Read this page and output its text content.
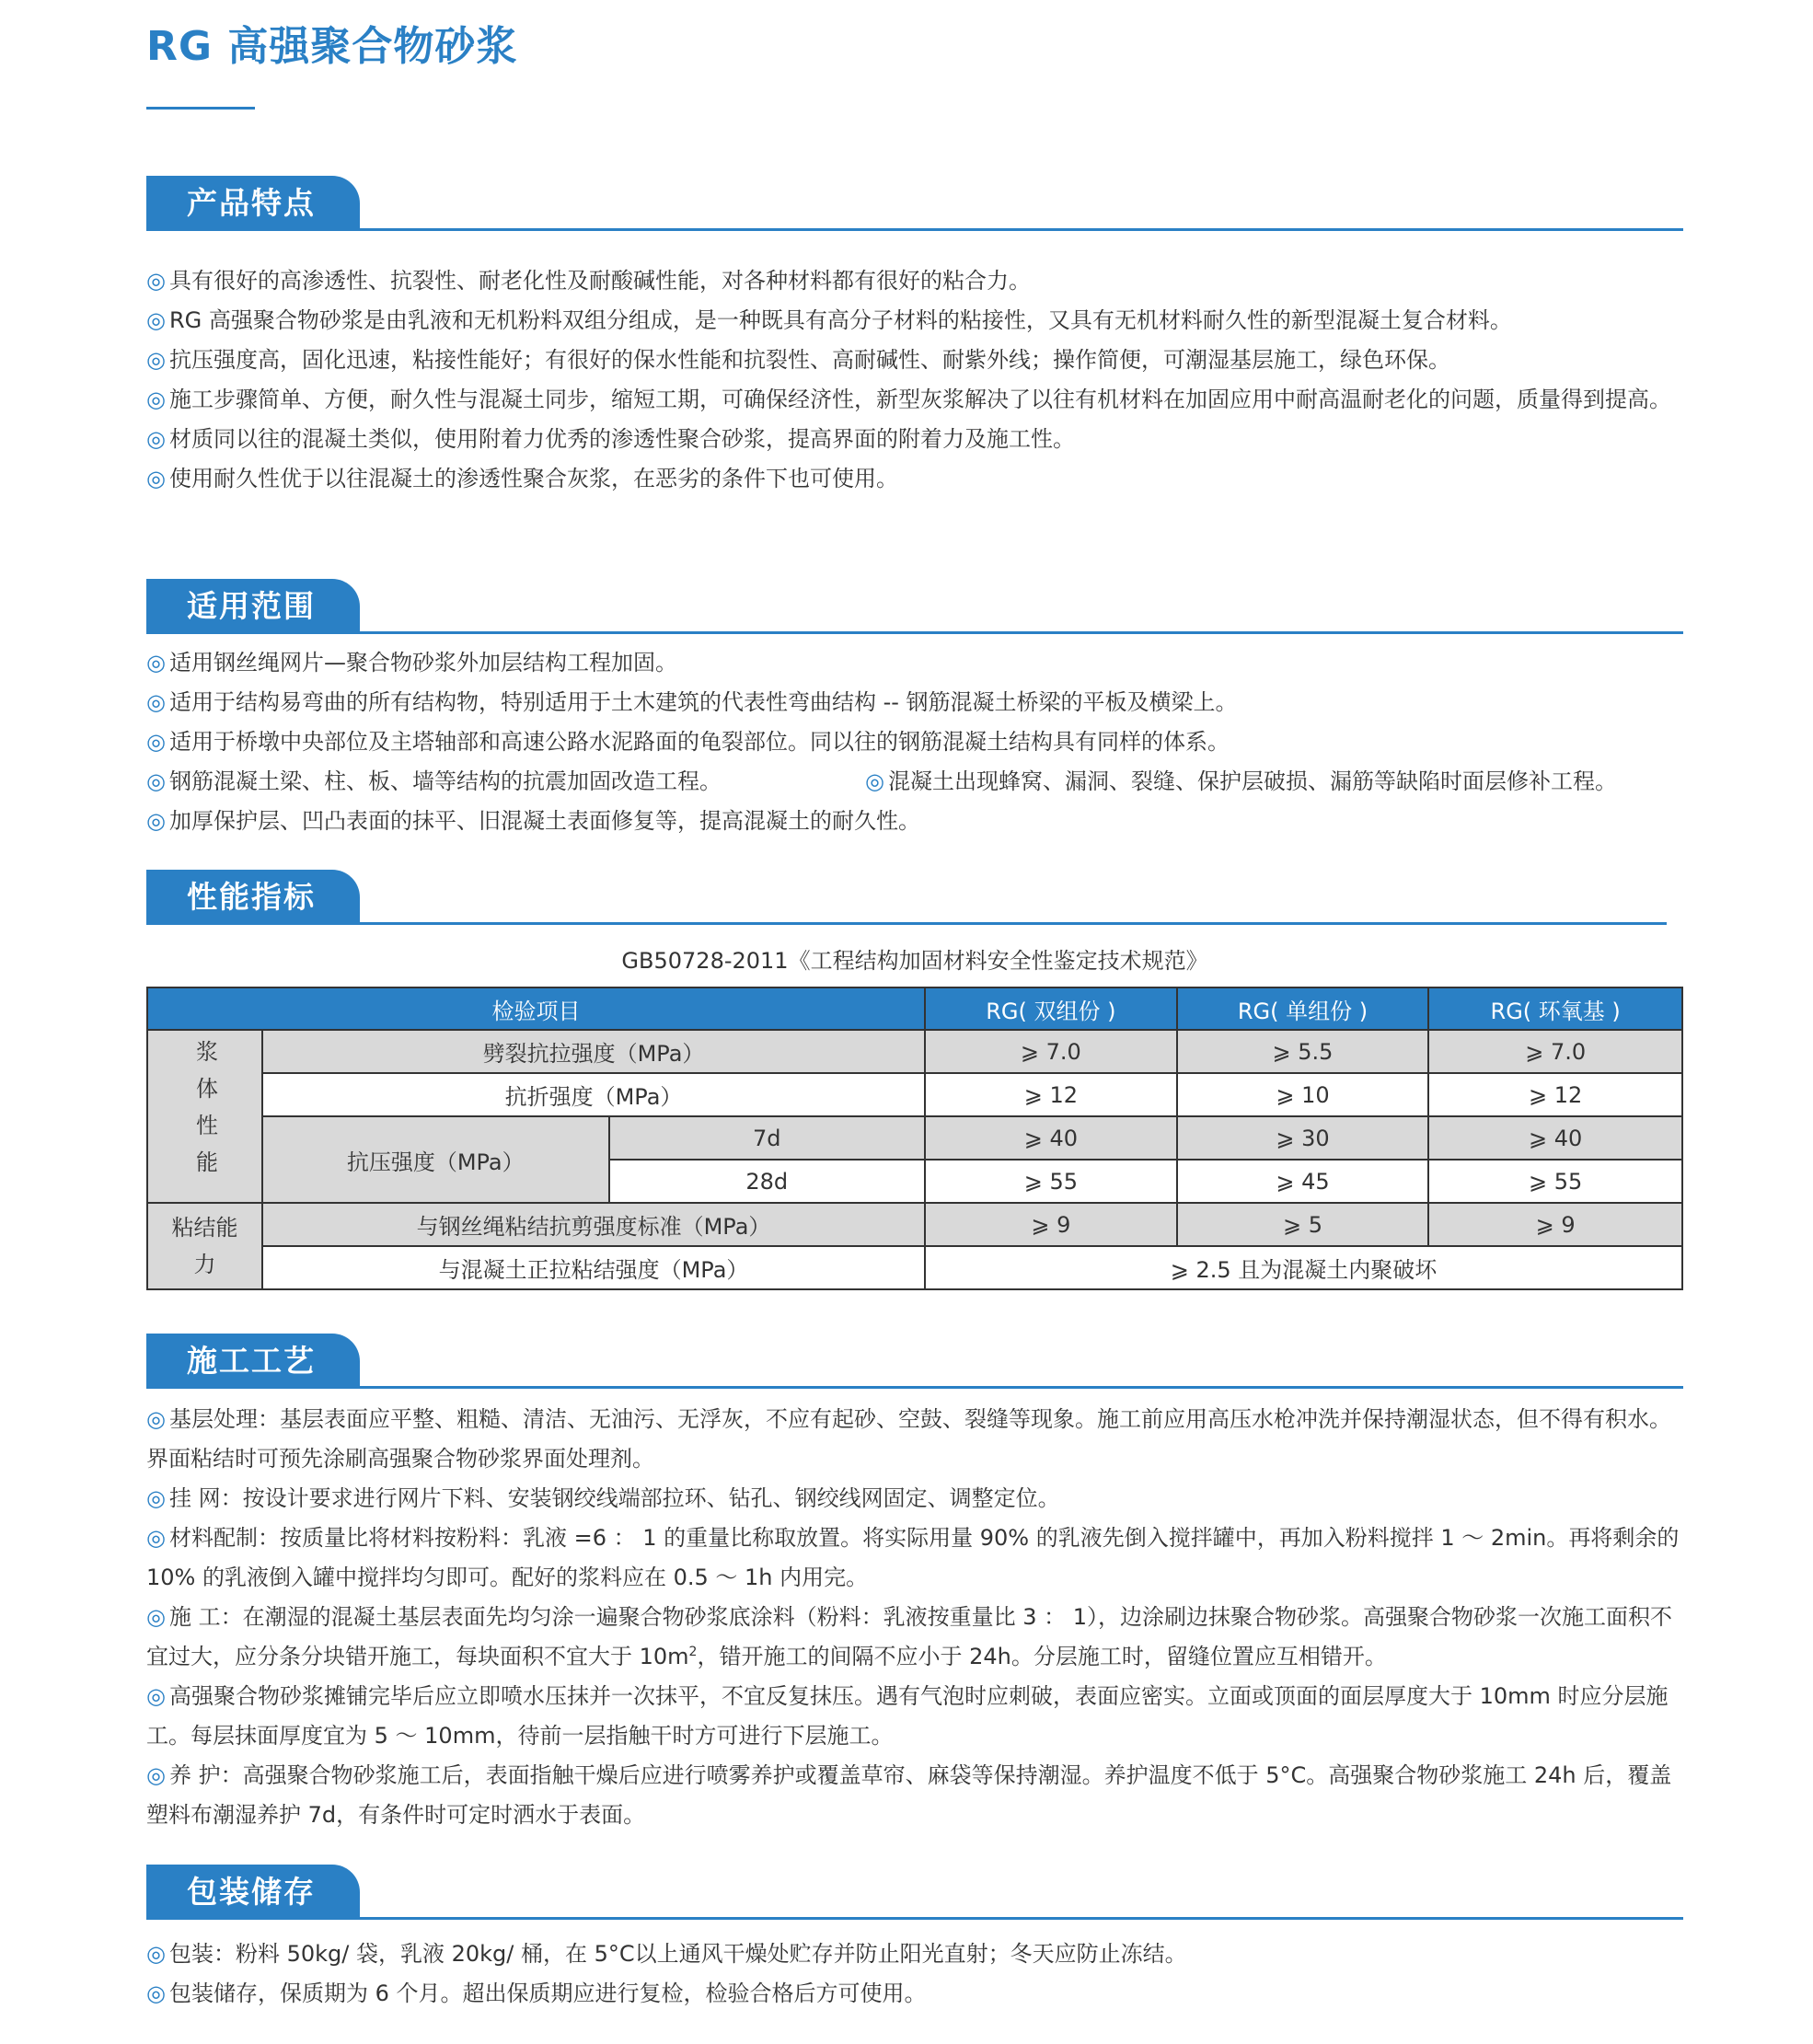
RG 高强聚合物砂浆
产品特点
◎ 具有很好的高渗透性、抗裂性、耐老化性及耐酸碱性能，对各种材料都有很好的粘合力。
◎ RG 高强聚合物砂浆是由乳液和无机粉料双组分组成，是一种既具有高分子材料的粘接性，又具有无机材料耐久性的新型混凝土复合材料。
◎ 抗压强度高，固化迅速，粘接性能好；有很好的保水性能和抗裂性、高耐碱性、耐紫外线；操作简便，可潮湿基层施工，绿色环保。
◎ 施工步骤简单、方便，耐久性与混凝土同步，缩短工期，可确保经济性，新型灰浆解决了以往有机材料在加固应用中耐高温耐老化的问题，质量得到提高。
◎ 材质同以往的混凝土类似，使用附着力优秀的渗透性聚合砂浆，提高界面的附着力及施工性。
◎ 使用耐久性优于以往混凝土的渗透性聚合灰浆，在恶劣的条件下也可使用。
适用范围
◎ 适用钢丝绳网片—聚合物砂浆外加层结构工程加固。
◎ 适用于结构易弯曲的所有结构物，特别适用于土木建筑的代表性弯曲结构 -- 钢筋混凝土桥梁的平板及横梁上。
◎ 适用于桥墩中央部位及主塔轴部和高速公路水泥路面的龟裂部位。同以往的钢筋混凝土结构具有同样的体系。
◎ 钢筋混凝土梁、柱、板、墙等结构的抗震加固改造工程。	◎ 混凝土出现蜂窝、漏洞、裂缝、保护层破损、漏筋等缺陷时面层修补工程。
◎ 加厚保护层、凹凸表面的抹平、旧混凝土表面修复等，提高混凝土的耐久性。
性能指标
GB50728-2011《工程结构加固材料安全性鉴定技术规范》
检验项目			RG( 双组份 )	RG( 单组份 )	RG( 环氧基 )
浆体性能	劈裂抗拉强度（MPa）		⩾ 7.0	⩾ 5.5	⩾ 7.0
	抗折强度（MPa）		⩾ 12	⩾ 10	⩾ 12
	抗压强度（MPa）	7d	⩾ 40	⩾ 30	⩾ 40
		28d	⩾ 55	⩾ 45	⩾ 55

粘结能
力	与钢丝绳粘结抗剪强度标准（MPa）		⩾ 9	⩾ 5	⩾ 9
	与混凝土正拉粘结强度（MPa）		⩾ 2.5 且为混凝土内聚破坏		
施工工艺
◎ 基层处理：基层表面应平整、粗糙、清洁、无油污、无浮灰，不应有起砂、空鼓、裂缝等现象。施工前应用高压水枪冲洗并保持潮湿状态，但不得有积水。界面粘结时可预先涂刷高强聚合物砂浆界面处理剂。
◎ 挂 网：按设计要求进行网片下料、安装钢绞线端部拉环、钻孔、钢绞线网固定、调整定位。
◎ 材料配制：按质量比将材料按粉料：乳液 =6 ： 1 的重量比称取放置。将实际用量 90% 的乳液先倒入搅拌罐中，再加入粉料搅拌 1 ～ 2min。再将剩余的 10% 的乳液倒入罐中搅拌均匀即可。配好的浆料应在 0.5 ～ 1h 内用完。
◎ 施 工：在潮湿的混凝土基层表面先均匀涂一遍聚合物砂浆底涂料（粉料：乳液按重量比 3 ： 1），边涂刷边抹聚合物砂浆。高强聚合物砂浆一次施工面积不宜过大，应分条分块错开施工，每块面积不宜大于 $10m^2$，错开施工的间隔不应小于 24h。分层施工时，留缝位置应互相错开。
◎ 高强聚合物砂浆摊铺完毕后应立即喷水压抹并一次抹平，不宜反复抹压。遇有气泡时应刺破，表面应密实。立面或顶面的面层厚度大于 10mm 时应分层施工。每层抹面厚度宜为 5 ～ 10mm，待前一层指触干时方可进行下层施工。
◎ 养 护：高强聚合物砂浆施工后，表面指触干燥后应进行喷雾养护或覆盖草帘、麻袋等保持潮湿。养护温度不低于 5°C。高强聚合物砂浆施工 24h 后，覆盖塑料布潮湿养护 7d，有条件时可定时洒水于表面。
包装储存
◎ 包装：粉料 50kg/ 袋，乳液 20kg/ 桶，在 5°C以上通风干燥处贮存并防止阳光直射；冬天应防止冻结。
◎ 包装储存，保质期为 6 个月。超出保质期应进行复检，检验合格后方可使用。
